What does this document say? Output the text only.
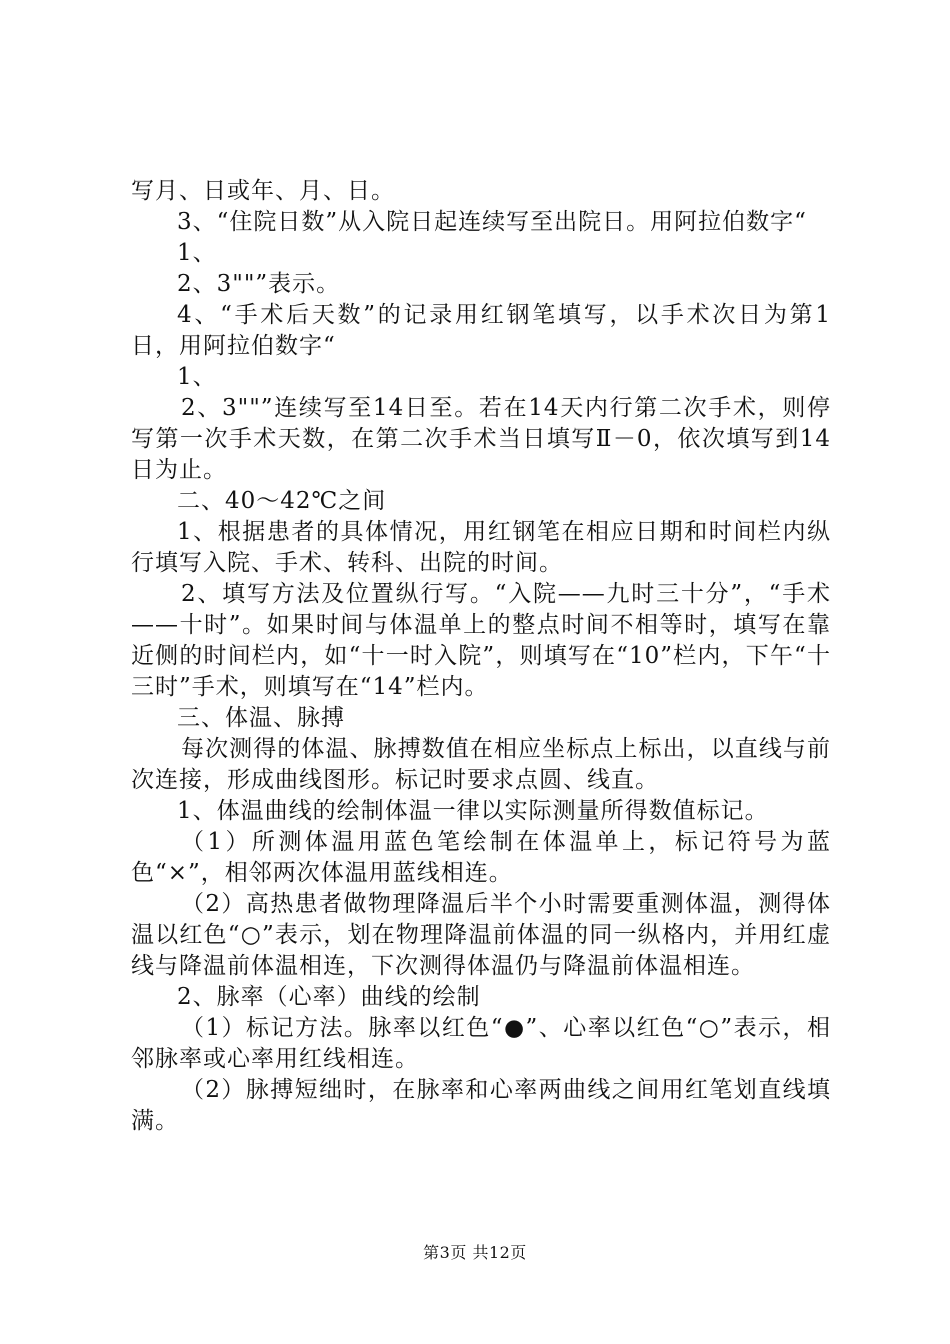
写月、日或年、月、日。

3、“住院日数”从入院日起连续写至出院日。用阿拉伯数字“

1、

2、3""”表示。

4、“手术后天数”的记录用红钢笔填写，以手术次日为第1日，用阿拉伯数字“

1、

2、3""”连续写至14日至。若在14天内行第二次手术，则停写第一次手术天数，在第二次手术当日填写Ⅱ－0，依次填写到14日为止。

二、40～42℃之间

1、根据患者的具体情况，用红钢笔在相应日期和时间栏内纵行填写入院、手术、转科、出院的时间。

2、填写方法及位置纵行写。“入院——九时三十分”，“手术——十时”。如果时间与体温单上的整点时间不相等时，填写在靠近侧的时间栏内，如“十一时入院”，则填写在“10”栏内，下午“十三时”手术，则填写在“14”栏内。

三、体温、脉搏

每次测得的体温、脉搏数值在相应坐标点上标出，以直线与前次连接，形成曲线图形。标记时要求点圆、线直。

1、体温曲线的绘制体温一律以实际测量所得数值标记。

（1）所测体温用蓝色笔绘制在体温单上，标记符号为蓝色“×”，相邻两次体温用蓝线相连。

（2）高热患者做物理降温后半个小时需要重测体温，测得体温以红色“○”表示，划在物理降温前体温的同一纵格内，并用红虚线与降温前体温相连，下次测得体温仍与降温前体温相连。

2、脉率（心率）曲线的绘制

（1）标记方法。脉率以红色“●”、心率以红色“○”表示，相邻脉率或心率用红线相连。

（2）脉搏短绌时，在脉率和心率两曲线之间用红笔划直线填满。

第3页 共12页
